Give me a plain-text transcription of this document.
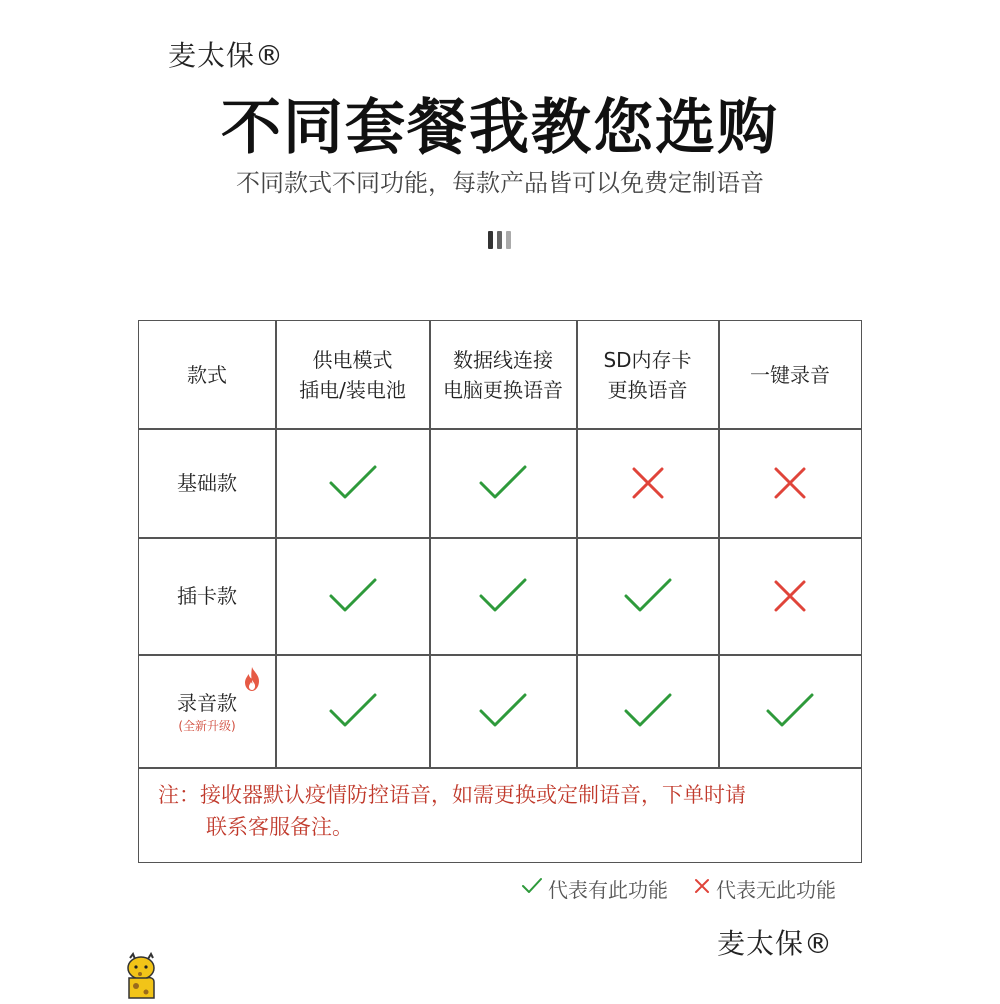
麦太保®
不同套餐我教您选购
不同款式不同功能，每款产品皆可以免费定制语音
款式
供电模式
插电/装电池
数据线连接
电脑更换语音
SD内存卡
更换语音
一键录音
基础款
插卡款
录音款
(全新升级)
注：接收器默认疫情防控语音，如需更换或定制语音，下单时请
联系客服备注。
代表有此功能 代表无此功能
麦太保®
